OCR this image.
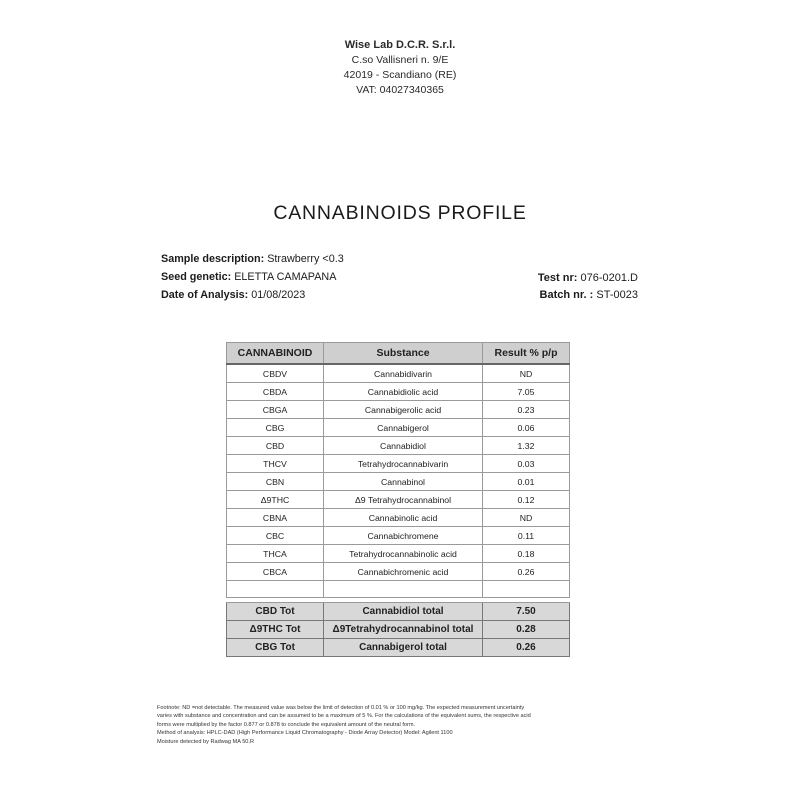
Wise Lab D.C.R. S.r.l.
C.so Vallisneri n. 9/E
42019 - Scandiano (RE)
VAT: 04027340365
CANNABINOIDS PROFILE
Sample description: Strawberry <0.3
Seed genetic: ELETTA CAMAPANA
Date of Analysis: 01/08/2023
Test nr: 076-0201.D
Batch nr. : ST-0023
CANNABINOID	Substance	Result % p/p
CBDV	Cannabidivarin	ND
CBDA	Cannabidiolic acid	7.05
CBGA	Cannabigerolic acid	0.23
CBG	Cannabigerol	0.06
CBD	Cannabidiol	1.32
THCV	Tetrahydrocannabivarin	0.03
CBN	Cannabinol	0.01
Δ9THC	Δ9 Tetrahydrocannabinol	0.12
CBNA	Cannabinolic acid	ND
CBC	Cannabichromene	0.11
THCA	Tetrahydrocannabinolic acid	0.18
CBCA	Cannabichromenic acid	0.26

CBD Tot	Cannabidiol total	7.50
Δ9THC Tot	Δ9Tetrahydrocannabinol total	0.28
CBG Tot	Cannabigerol total	0.26
Footnote: ND =not detectable. The measured value was below the limit of detection of 0.01 % or 100 mg/kg. The expected measurement uncertainty
varies with substance and concentration and can be assumed to be a maximum of 5 %. For the calculations of the equivalent sums, the respective acid
forms were multiplied by the factor 0.877 or 0.878 to conclude the equivalent amount of the neutral form.
Method of analysis: HPLC-DAD (High Performance Liquid Chromatography - Diode Array Detector) Model: Agilent 1100
Moisture detected by Radwag MA 50.R
